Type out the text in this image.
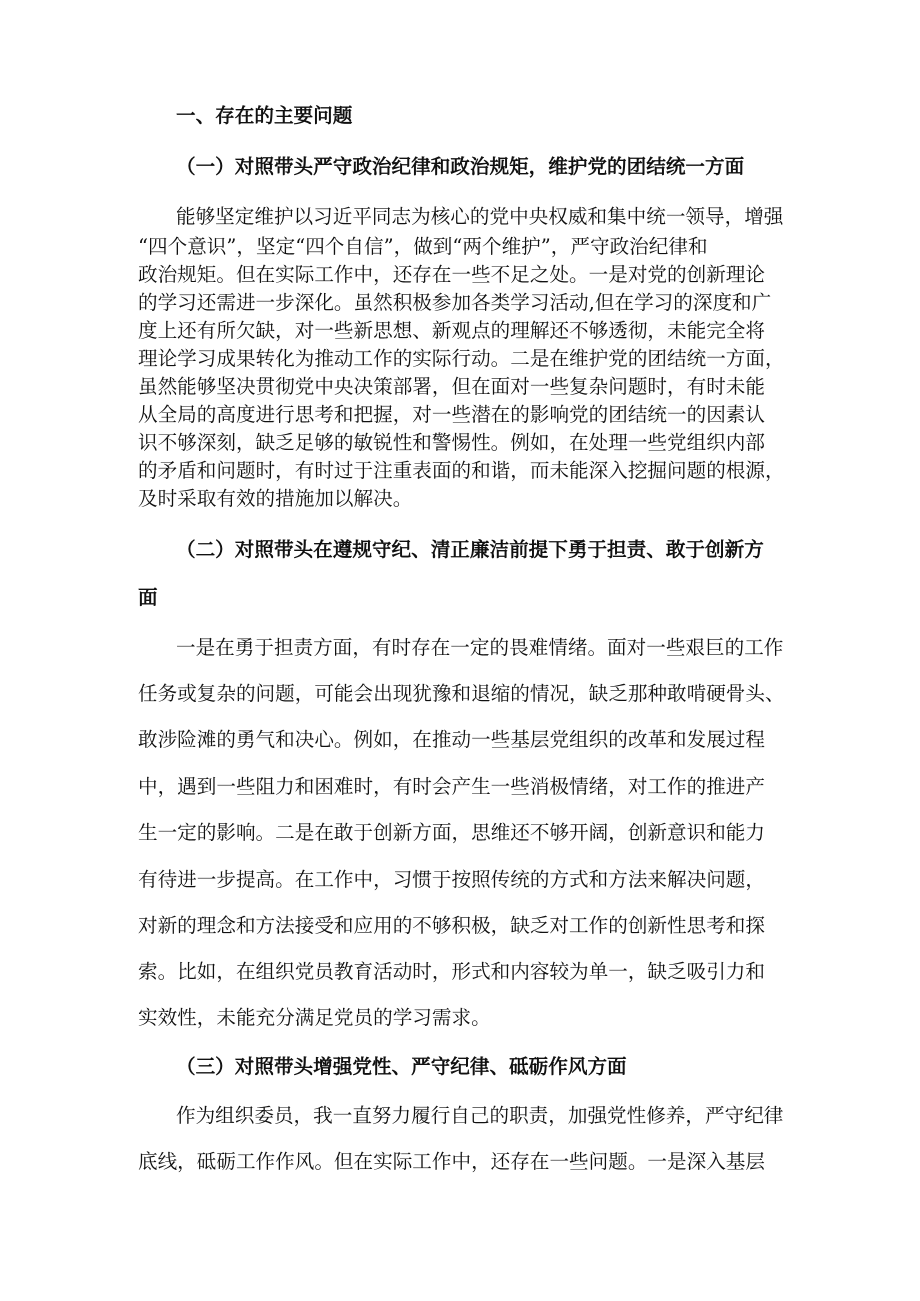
一、存在的主要问题

（一）对照带头严守政治纪律和政治规矩，维护党的团结统一方面

能够坚定维护以习近平同志为核心的党中央权威和集中统一领导，增强

“四个意识”，坚定“四个自信”，做到“两个维护”，严守政治纪律和

政治规矩。但在实际工作中，还存在一些不足之处。一是对党的创新理论

的学习还需进一步深化。虽然积极参加各类学习活动,但在学习的深度和广

度上还有所欠缺，对一些新思想、新观点的理解还不够透彻，未能完全将

理论学习成果转化为推动工作的实际行动。二是在维护党的团结统一方面，

虽然能够坚决贯彻党中央决策部署，但在面对一些复杂问题时，有时未能

从全局的高度进行思考和把握，对一些潜在的影响党的团结统一的因素认

识不够深刻，缺乏足够的敏锐性和警惕性。例如，在处理一些党组织内部

的矛盾和问题时，有时过于注重表面的和谐，而未能深入挖掘问题的根源，

及时采取有效的措施加以解决。

（二）对照带头在遵规守纪、清正廉洁前提下勇于担责、敢于创新方

面

一是在勇于担责方面，有时存在一定的畏难情绪。面对一些艰巨的工作

任务或复杂的问题，可能会出现犹豫和退缩的情况，缺乏那种敢啃硬骨头、

敢涉险滩的勇气和决心。例如，在推动一些基层党组织的改革和发展过程

中，遇到一些阻力和困难时，有时会产生一些消极情绪，对工作的推进产

生一定的影响。二是在敢于创新方面，思维还不够开阔，创新意识和能力

有待进一步提高。在工作中，习惯于按照传统的方式和方法来解决问题，

对新的理念和方法接受和应用的不够积极，缺乏对工作的创新性思考和探

索。比如，在组织党员教育活动时，形式和内容较为单一，缺乏吸引力和

实效性，未能充分满足党员的学习需求。

（三）对照带头增强党性、严守纪律、砥砺作风方面

作为组织委员，我一直努力履行自己的职责，加强党性修养，严守纪律

底线，砥砺工作作风。但在实际工作中，还存在一些问题。一是深入基层
